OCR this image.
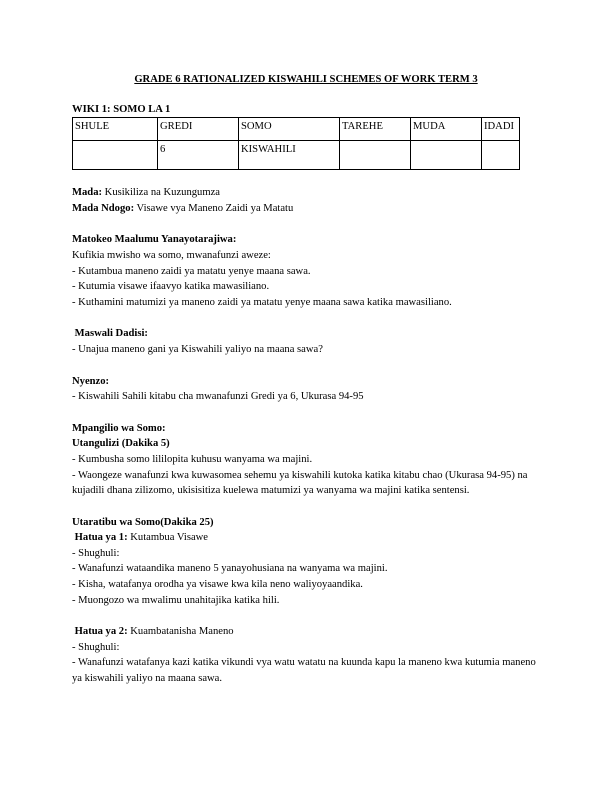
GRADE 6 RATIONALIZED KISWAHILI SCHEMES OF WORK TERM 3

WIKI 1: SOMO LA 1
SHULE	GREDI	SOMO	TAREHE	MUDA	IDADI
	6	KISWAHILI			

Mada: Kusikiliza na Kuzungumza

Mada Ndogo: Visawe vya Maneno Zaidi ya Matatu

Matokeo Maalumu Yanayotarajiwa:

Kufikia mwisho wa somo, mwanafunzi aweze:

- Kutambua maneno zaidi ya matatu yenye maana sawa.

- Kutumia visawe ifaavyo katika mawasiliano.

- Kuthamini matumizi ya maneno zaidi ya matatu yenye maana sawa katika mawasiliano.

Maswali Dadisi:

- Unajua maneno gani ya Kiswahili yaliyo na maana sawa?

Nyenzo:

- Kiswahili Sahili kitabu cha mwanafunzi Gredi ya 6, Ukurasa 94-95

Mpangilio wa Somo:

Utangulizi (Dakika 5)

- Kumbusha somo lililopita kuhusu wanyama wa majini.

- Waongeze wanafunzi kwa kuwasomea sehemu ya kiswahili kutoka katika kitabu chao (Ukurasa 94-95) na kujadili dhana zilizomo, ukisisitiza kuelewa matumizi ya wanyama wa majini katika sentensi.

Utaratibu wa Somo(Dakika 25)

Hatua ya 1: Kutambua Visawe

- Shughuli:

- Wanafunzi wataandika maneno 5 yanayohusiana na wanyama wa majini.

- Kisha, watafanya orodha ya visawe kwa kila neno waliyoyaandika.

- Muongozo wa mwalimu unahitajika katika hili.

Hatua ya 2: Kuambatanisha Maneno

- Shughuli:

- Wanafunzi watafanya kazi katika vikundi vya watu watatu na kuunda kapu la maneno kwa kutumia maneno ya kiswahili yaliyo na maana sawa.
